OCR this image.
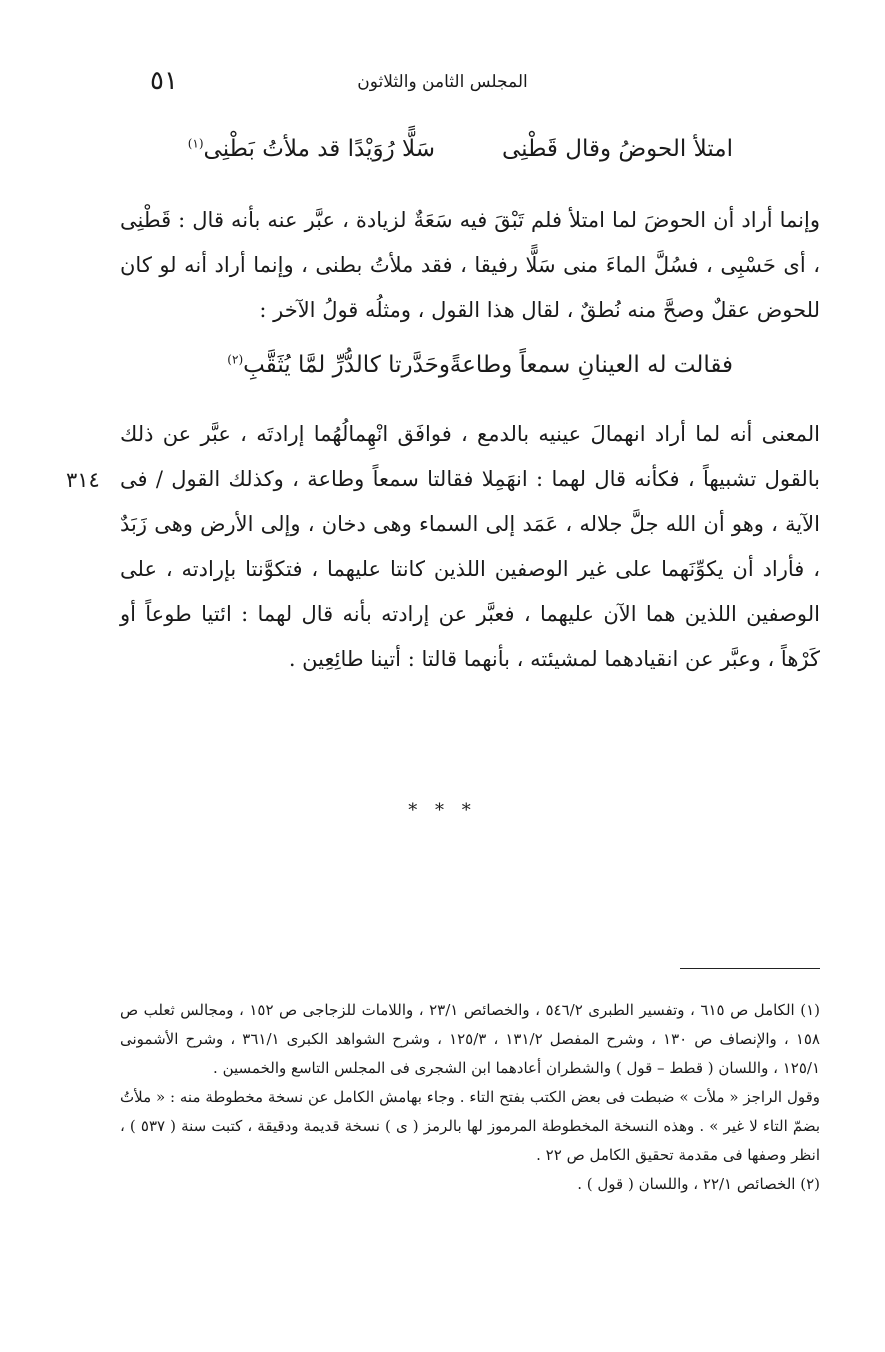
٥١	المجلس الثامن والثلاثون
امتلأ الحوضُ وقال قَطْنِى
سَلًّا رُوَيْدًا قد ملأتُ بَطْنِى$^{(١)}$

وإنما أراد أن الحوضَ لما امتلأ فلم تَبْقَ فيه سَعَةٌ لزيادة ، عبَّر عنه بأنه قال : قَطْنِى ، أى حَسْبِى ، فسُلَّ الماءَ منى سَلًّا رفيقا ، فقد ملأتُ بطنى ، وإنما أراد أنه لو كان للحوض عقلٌ وصحَّ منه نُطقٌ ، لقال هذا القول ، ومثلُه قولُ الآخر :

فقالت له العينانِ سمعاً وطاعةً
وحَدَّرتا كالدُّرِّ لمَّا يُثَقَّبِ$^{(٢)}$

المعنى أنه لما أراد انهمالَ عينيه بالدمع ، فوافَق انْهِمالُهُما إرادتَه ، عبَّر عن ذلك بالقول تشبيهاً ، فكأنه قال لهما : انهَمِلا فقالتا سمعاً وطاعة ، وكذلك القول / فى الآية ، وهو أن الله جلَّ جلاله ، عَمَد إلى السماء وهى دخان ، وإلى الأرض وهى زَبَدٌ ، فأراد أن يكوِّنَهما على غير الوصفين اللذين كانتا عليهما ، فتكوَّنتا بإرادته ، على الوصفين اللذين هما الآن عليهما ، فعبَّر عن إرادته بأنه قال لهما : ائتيا طوعاً أو كَرْهاً ، وعبَّر عن انقيادهما لمشيئته ، بأنهما قالتا : أتينا طائِعِين .

٣١٤
* * *

(١) الكامل ص ٦١٥ ، وتفسير الطبرى ٥٤٦/٢ ، والخصائص ٢٣/١ ، واللامات للزجاجى ص ١٥٢ ، ومجالس ثعلب ص ١٥٨ ، والإنصاف ص ١٣٠ ، وشرح المفصل ١٣١/٢ ، ١٢٥/٣ ، وشرح الشواهد الكبرى ٣٦١/١ ، وشرح الأشمونى ١٢٥/١ ، واللسان ( قطط – قول ) والشطران أعادهما ابن الشجرى فى المجلس التاسع والخمسين .

وقول الراجز « ملأت » ضبطت فى بعض الكتب بفتح التاء . وجاء بهامش الكامل عن نسخة مخطوطة منه : « ملأتُ بضمّ التاء لا غير » . وهذه النسخة المخطوطة المرموز لها بالرمز ( ى ) نسخة قديمة ودقيقة ، كتبت سنة ( ٥٣٧ ) ، انظر وصفها فى مقدمة تحقيق الكامل ص ٢٢ .

(٢) الخصائص ٢٢/١ ، واللسان ( قول ) .
